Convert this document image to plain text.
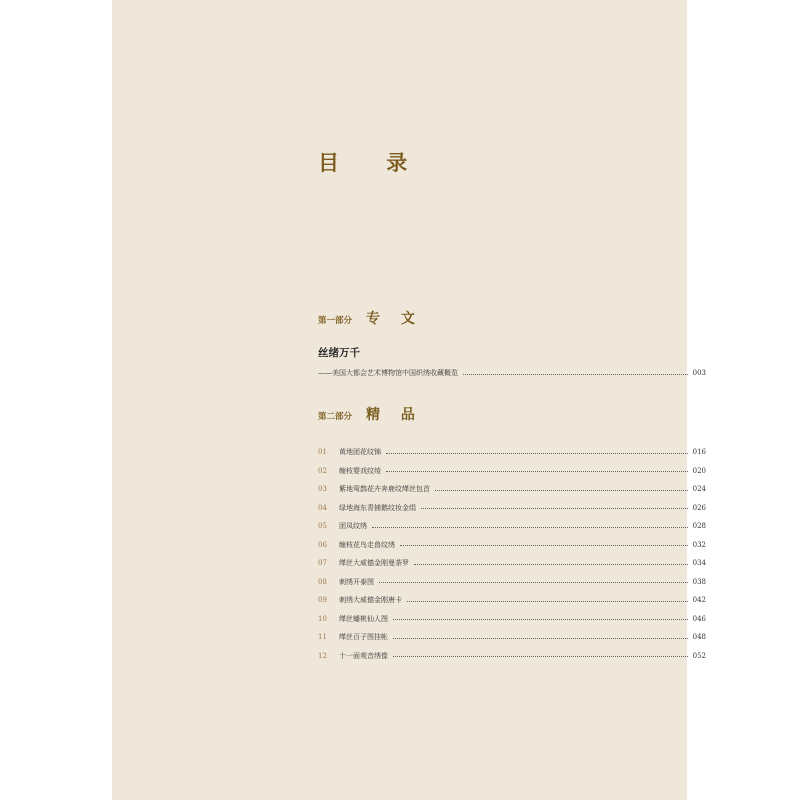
目 录
第一部分 专 文
丝绪万千
——美国大都会艺术博物馆中国织绣收藏概览	003
第二部分 精 品
01	黄地团花纹锦	016
02	缠枝婴戏纹绫	020
03	紫地鸾鹊花卉奔鹿纹缂丝包首	024
04	绿地海东青捕鹅纹妆金绢	026
05	团凤纹绣	028
06	缠枝花鸟走兽纹绣	032
07	缂丝大威德金刚曼荼罗	034
08	刺绣开泰图	038
09	刺绣大威德金刚唐卡	042
10	缂丝蟠桃仙人图	046
11	缂丝百子图挂帐	048
12	十一面观音绣像	052
